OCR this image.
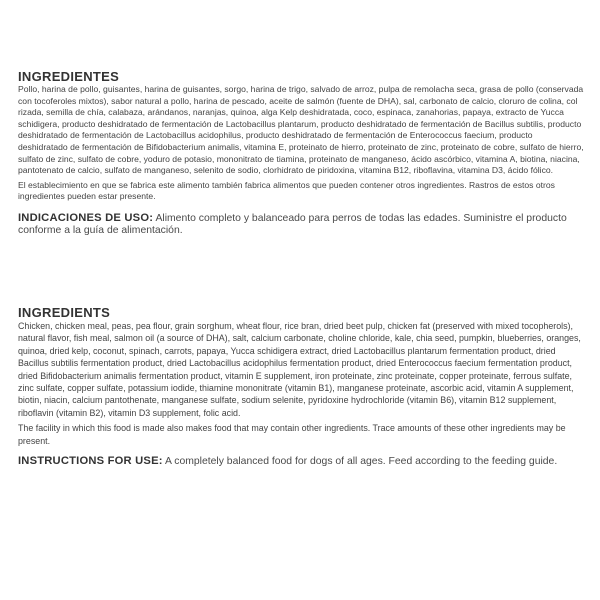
INGREDIENTES

Pollo, harina de pollo, guisantes, harina de guisantes, sorgo, harina de trigo, salvado de arroz, pulpa de remolacha seca, grasa de pollo (conservada con tocoferoles mixtos), sabor natural a pollo, harina de pescado, aceite de salmón (fuente de DHA), sal, carbonato de calcio, cloruro de colina, col rizada, semilla de chía, calabaza, arándanos, naranjas, quinoa, alga Kelp deshidratada, coco, espinaca, zanahorias, papaya, extracto de Yucca schidigera, producto deshidratado de fermentación de Lactobacillus plantarum, producto deshidratado de fermentación de Bacillus subtilis, producto deshidratado de fermentación de Lactobacillus acidophilus, producto deshidratado de fermentación de Enterococcus faecium, producto deshidratado de fermentación de Bifidobacterium animalis, vitamina E, proteinato de hierro, proteinato de zinc, proteinato de cobre, sulfato de hierro, sulfato de zinc, sulfato de cobre, yoduro de potasio, mononitrato de tiamina, proteinato de manganeso, ácido ascórbico, vitamina A, biotina, niacina, pantotenato de calcio, sulfato de manganeso, selenito de sodio, clorhidrato de piridoxina, vitamina B12, riboflavina, vitamina D3, ácido fólico.

El establecimiento en que se fabrica este alimento también fabrica alimentos que pueden contener otros ingredientes. Rastros de estos otros ingredientes pueden estar presente.

INDICACIONES DE USO: Alimento completo y balanceado para perros de todas las edades. Suministre el producto conforme a la guía de alimentación.

INGREDIENTS

Chicken, chicken meal, peas, pea flour, grain sorghum, wheat flour, rice bran, dried beet pulp, chicken fat (preserved with mixed tocopherols), natural flavor, fish meal, salmon oil (a source of DHA), salt, calcium carbonate, choline chloride, kale, chia seed, pumpkin, blueberries, oranges, quinoa, dried kelp, coconut, spinach, carrots, papaya, Yucca schidigera extract, dried Lactobacillus plantarum fermentation product, dried Bacillus subtilis fermentation product, dried Lactobacillus acidophilus fermentation product, dried Enterococcus faecium fermentation product, dried Bifidobacterium animalis fermentation product, vitamin E supplement, iron proteinate, zinc proteinate, copper proteinate, ferrous sulfate, zinc sulfate, copper sulfate, potassium iodide, thiamine mononitrate (vitamin B1), manganese proteinate, ascorbic acid, vitamin A supplement, biotin, niacin, calcium pantothenate, manganese sulfate, sodium selenite, pyridoxine hydrochloride (vitamin B6), vitamin B12 supplement, riboflavin (vitamin B2), vitamin D3 supplement, folic acid.

The facility in which this food is made also makes food that may contain other ingredients. Trace amounts of these other ingredients may be present.

INSTRUCTIONS FOR USE: A completely balanced food for dogs of all ages. Feed according to the feeding guide.
